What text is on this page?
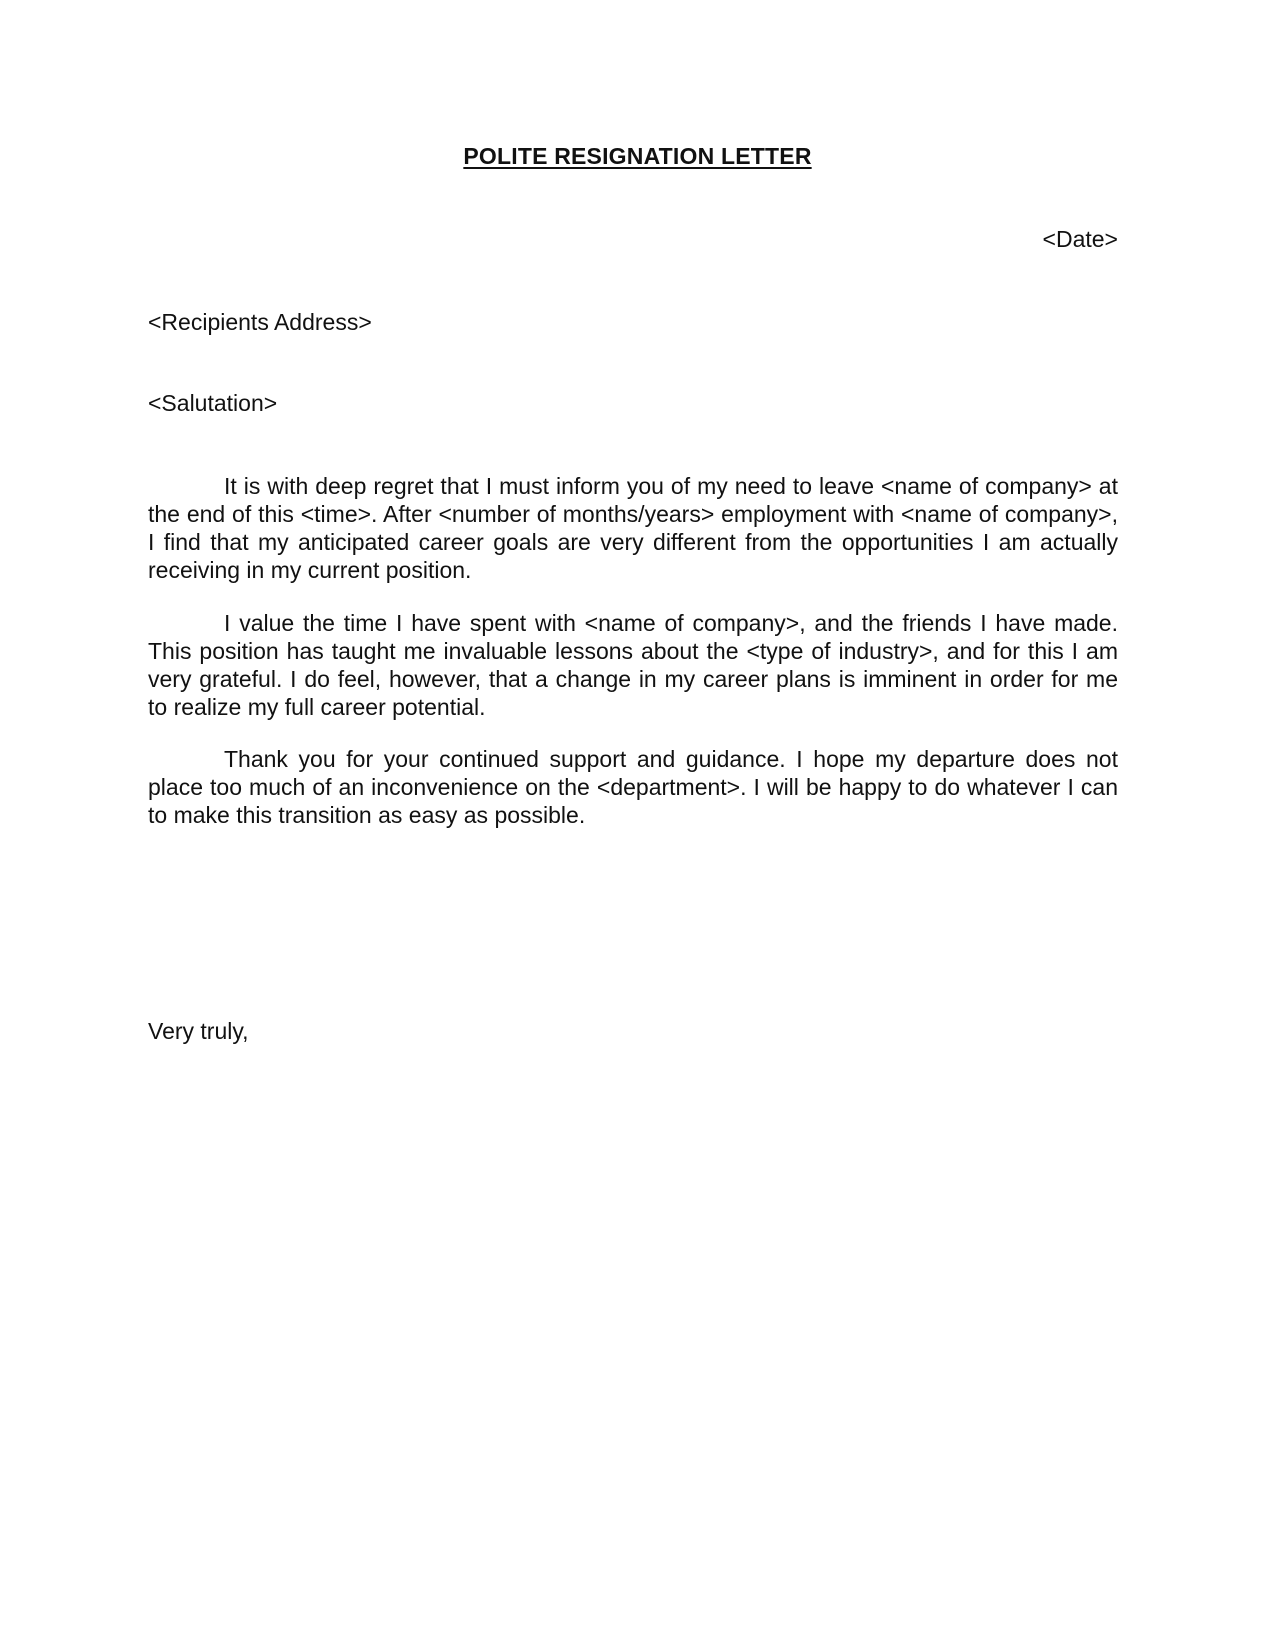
POLITE RESIGNATION LETTER

<Date>

<Recipients Address>

<Salutation>

It is with deep regret that I must inform you of my need to leave <name of company> at the end of this <time>. After <number of months/years> employment with <name of company>, I find that my anticipated career goals are very different from the opportunities I am actually receiving in my current position.

I value the time I have spent with <name of company>, and the friends I have made. This position has taught me invaluable lessons about the <type of industry>, and for this I am very grateful. I do feel, however, that a change in my career plans is imminent in order for me to realize my full career potential.

Thank you for your continued support and guidance. I hope my departure does not place too much of an inconvenience on the <department>. I will be happy to do whatever I can to make this transition as easy as possible.

Very truly,
